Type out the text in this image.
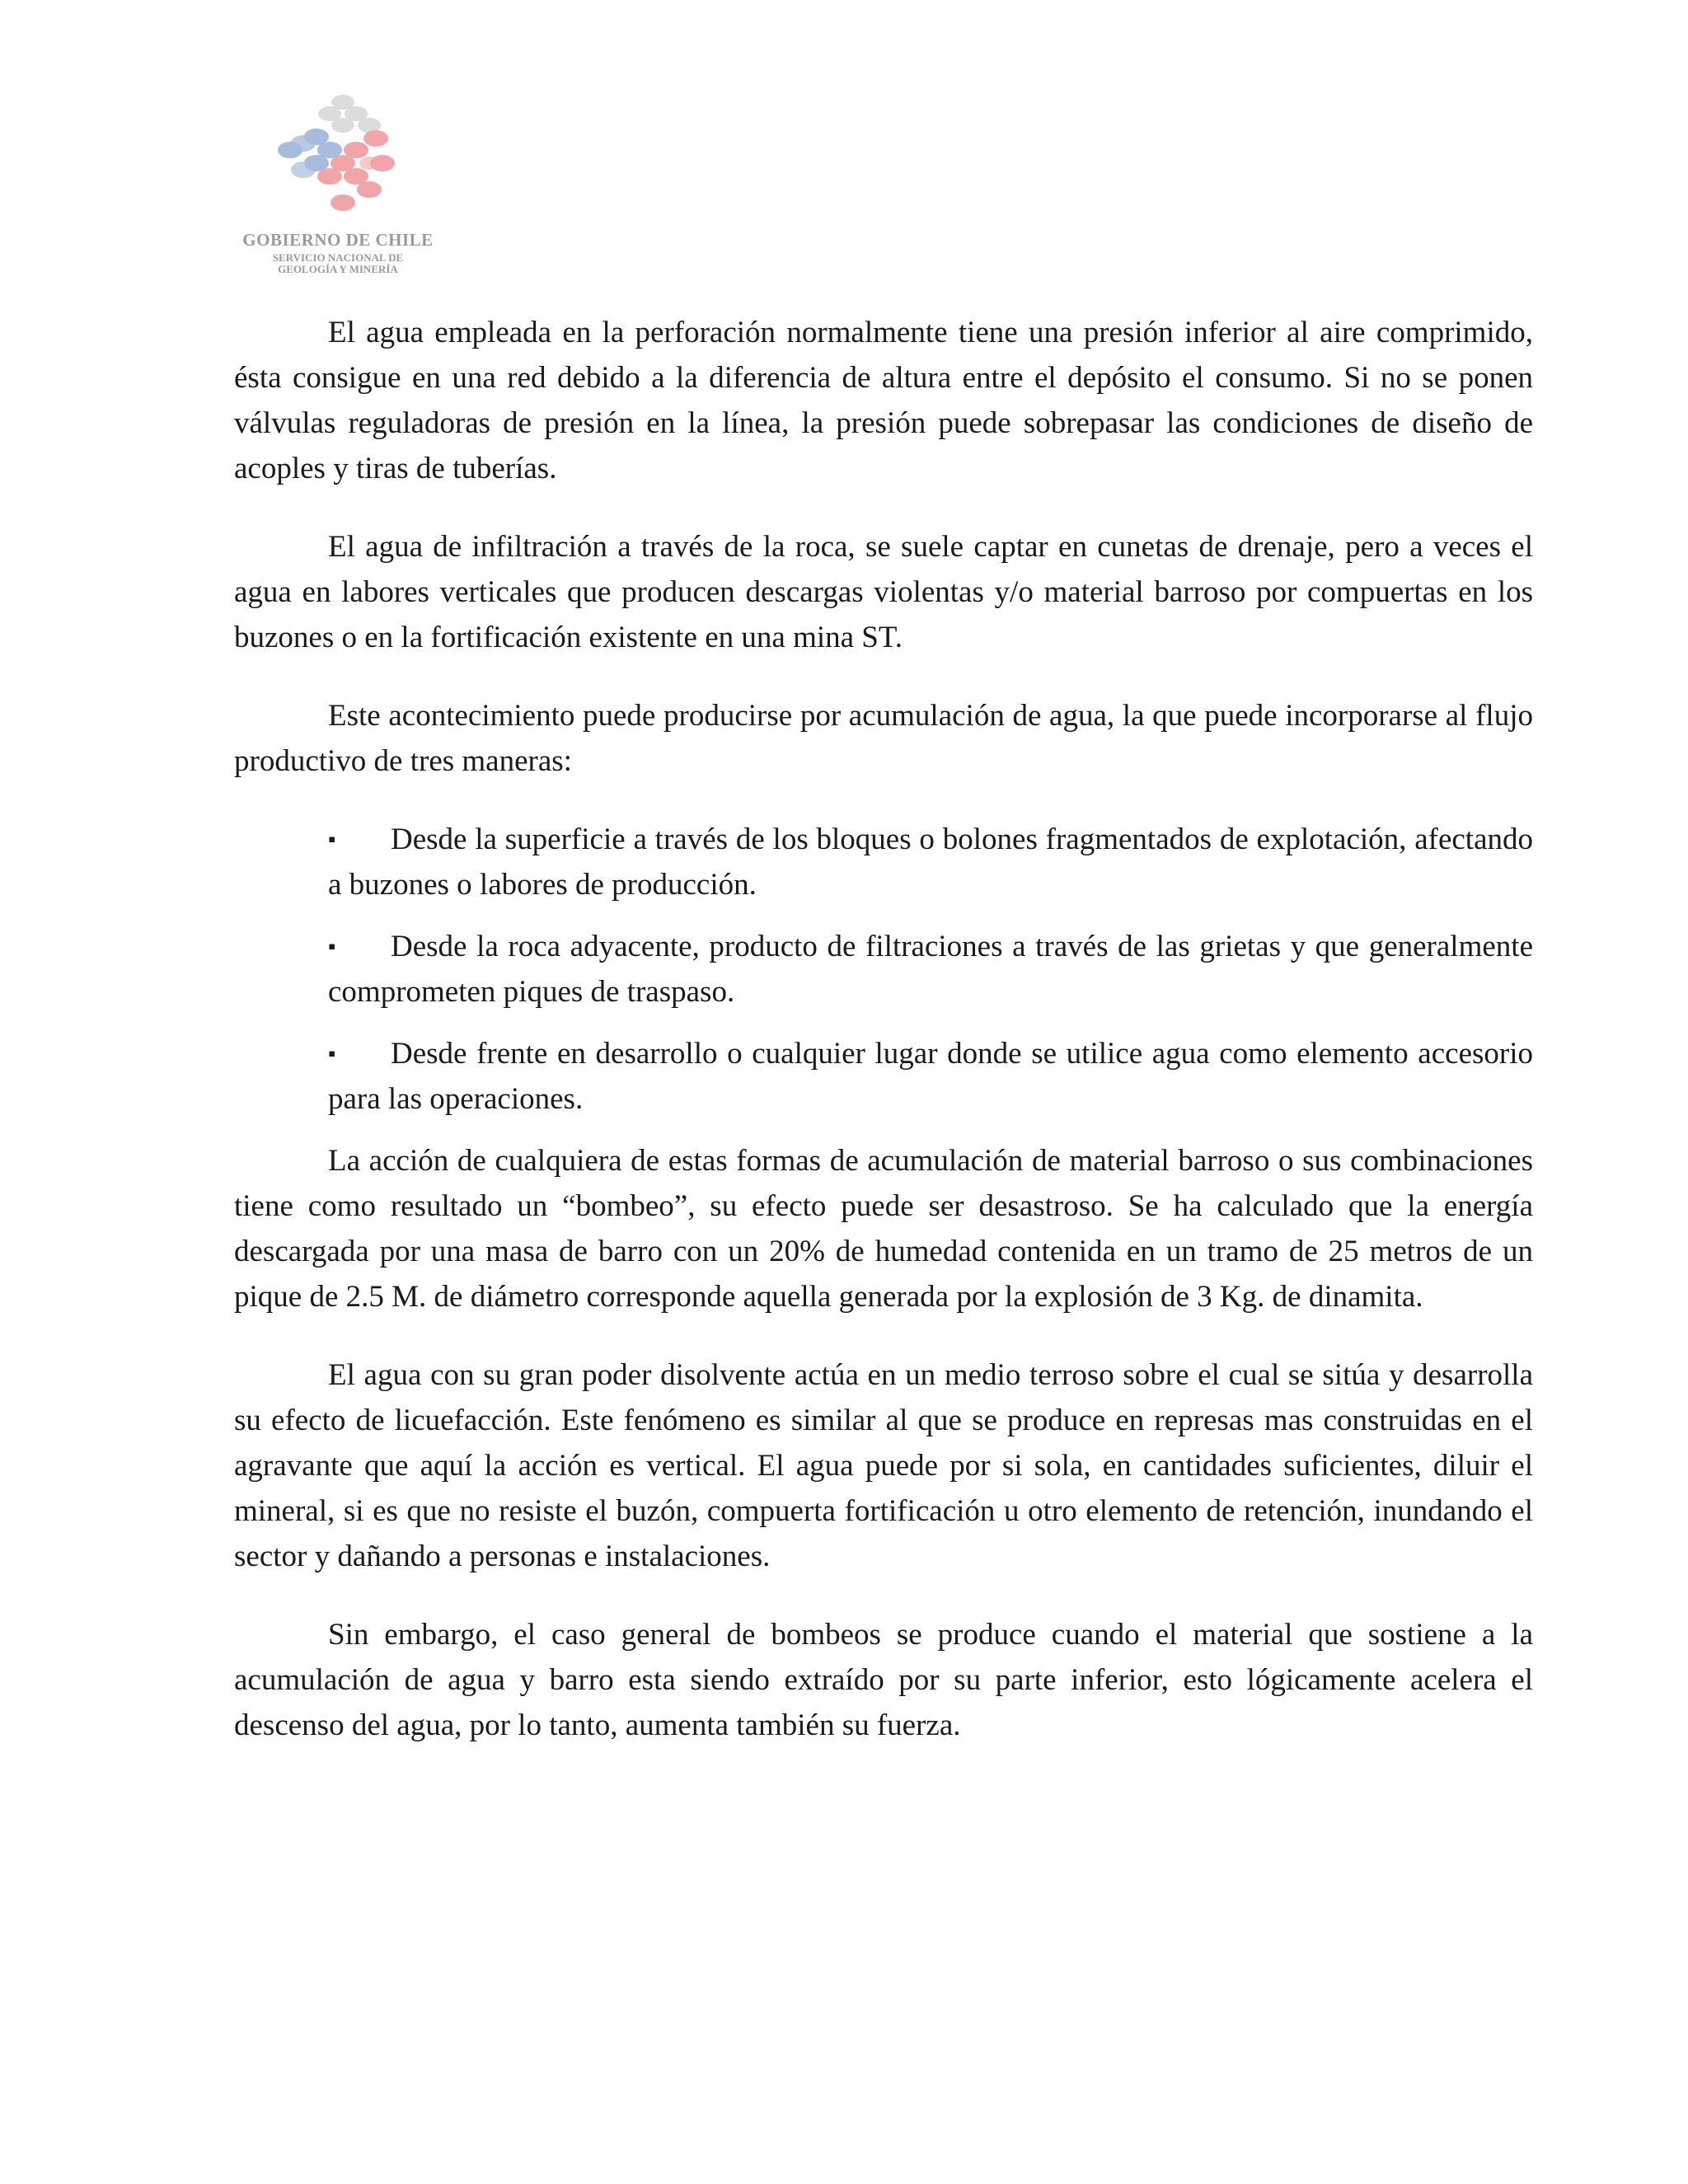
GOBIERNO DE CHILE
SERVICIO NACIONAL DE
GEOLOGÍA Y MINERÍA

El agua empleada en la perforación normalmente tiene una presión inferior al aire comprimido, ésta consigue en una red debido a la diferencia de altura entre el depósito el consumo. Si no se ponen válvulas reguladoras de presión en la línea, la presión puede sobrepasar las condiciones de diseño de acoples y tiras de tuberías.

El agua de infiltración a través de la roca, se suele captar en cunetas de drenaje, pero a veces el agua en labores verticales que producen descargas violentas y/o material barroso por compuertas en los buzones o en la fortificación existente en una mina ST.

Este acontecimiento puede producirse por acumulación de agua, la que puede incorporarse al flujo productivo de tres maneras:

▪ Desde la superficie a través de los bloques o bolones fragmentados de explotación, afectando a buzones o labores de producción.
▪ Desde la roca adyacente, producto de filtraciones a través de las grietas y que generalmente comprometen piques de traspaso.
▪ Desde frente en desarrollo o cualquier lugar donde se utilice agua como elemento accesorio para las operaciones.

La acción de cualquiera de estas formas de acumulación de material barroso o sus combinaciones tiene como resultado un “bombeo”, su efecto puede ser desastroso. Se ha calculado que la energía descargada por una masa de barro con un 20% de humedad contenida en un tramo de 25 metros de un pique de 2.5 M. de diámetro corresponde aquella generada por la explosión de 3 Kg. de dinamita.

El agua con su gran poder disolvente actúa en un medio terroso sobre el cual se sitúa y desarrolla su efecto de licuefacción. Este fenómeno es similar al que se produce en represas mas construidas en el agravante que aquí la acción es vertical. El agua puede por si sola, en cantidades suficientes, diluir el mineral, si es que no resiste el buzón, compuerta fortificación u otro elemento de retención, inundando el sector y dañando a personas e instalaciones.

Sin embargo, el caso general de bombeos se produce cuando el material que sostiene a la acumulación de agua y barro esta siendo extraído por su parte inferior, esto lógicamente acelera el descenso del agua, por lo tanto, aumenta también su fuerza.
